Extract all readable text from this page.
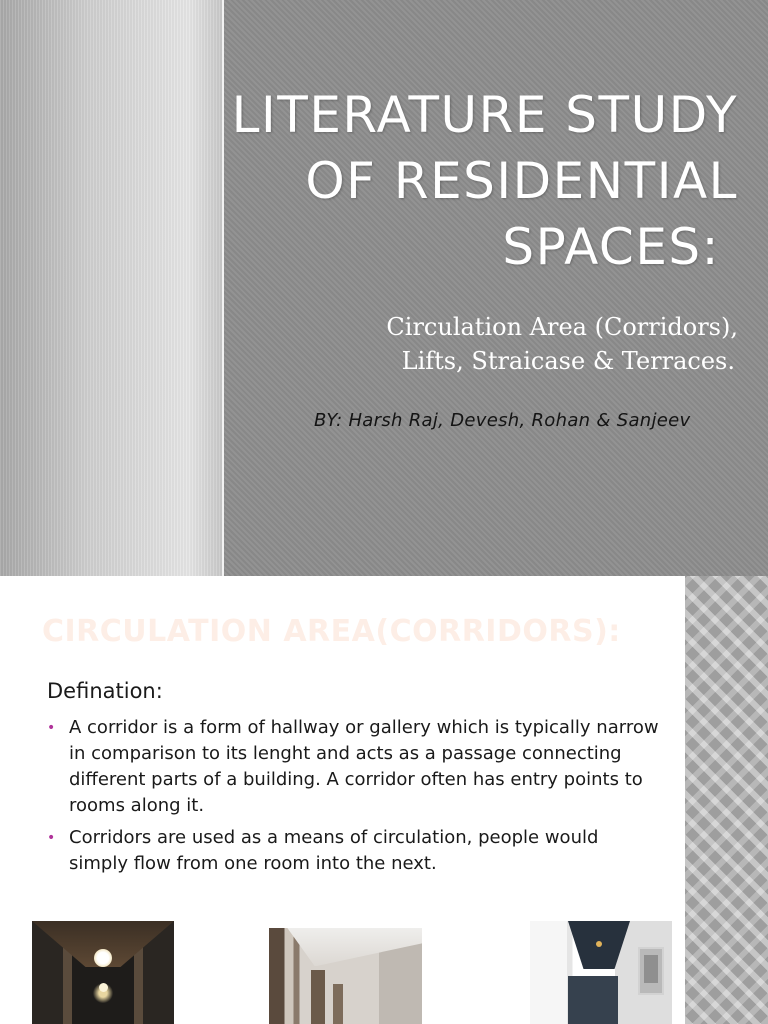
LITERATURE STUDY
OF RESIDENTIAL
SPACES:
Circulation Area (Corridors),
Lifts, Straicase & Terraces.
BY: Harsh Raj, Devesh, Rohan & Sanjeev
CIRCULATION AREA(CORRIDORS):
Defination:
• A corridor is a form of hallway or gallery which is typically narrow in comparison to its lenght and acts as a passage connecting different parts of a building. A corridor often has entry points to rooms along it.
• Corridors are used as a means of circulation, people would simply flow from one room into the next.
